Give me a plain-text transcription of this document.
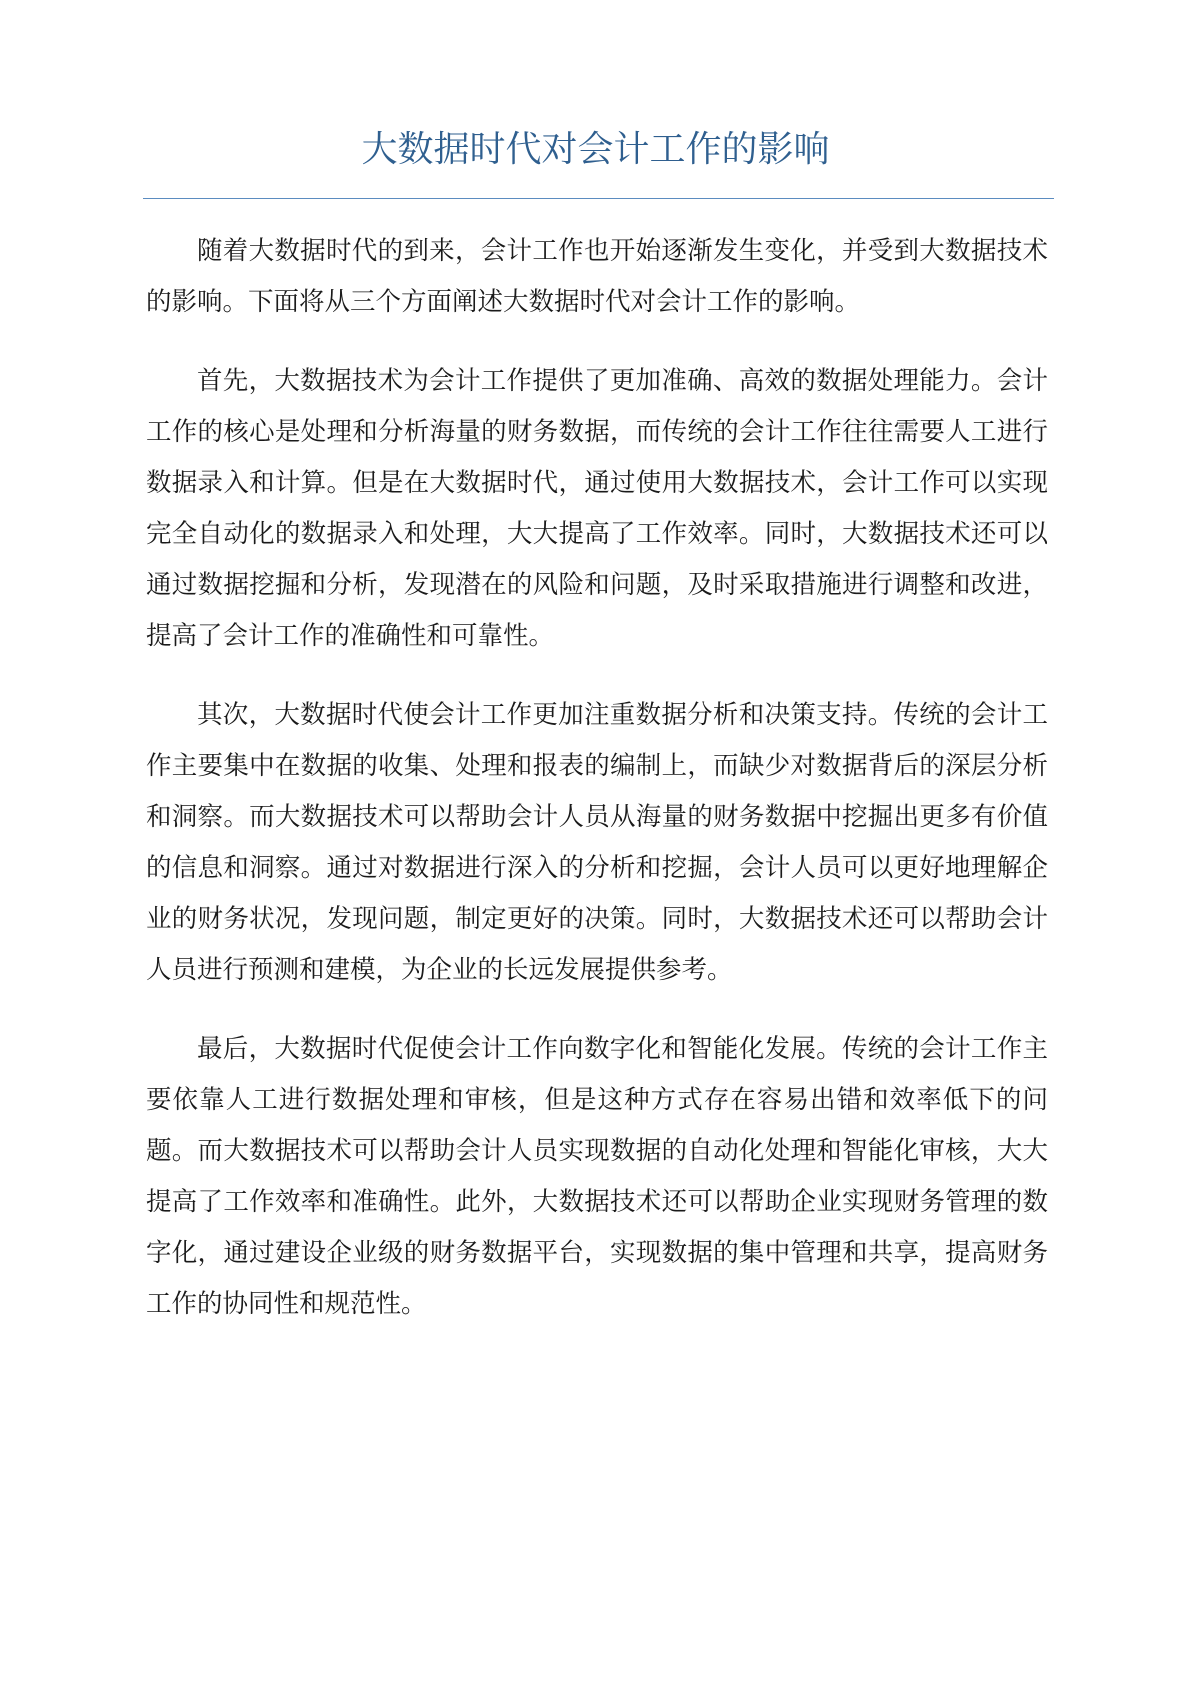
大数据时代对会计工作的影响

随着大数据时代的到来，会计工作也开始逐渐发生变化，并受到大数据技术的影响。下面将从三个方面阐述大数据时代对会计工作的影响。

首先，大数据技术为会计工作提供了更加准确、高效的数据处理能力。会计工作的核心是处理和分析海量的财务数据，而传统的会计工作往往需要人工进行数据录入和计算。但是在大数据时代，通过使用大数据技术，会计工作可以实现完全自动化的数据录入和处理，大大提高了工作效率。同时，大数据技术还可以通过数据挖掘和分析，发现潜在的风险和问题，及时采取措施进行调整和改进，提高了会计工作的准确性和可靠性。

其次，大数据时代使会计工作更加注重数据分析和决策支持。传统的会计工作主要集中在数据的收集、处理和报表的编制上，而缺少对数据背后的深层分析和洞察。而大数据技术可以帮助会计人员从海量的财务数据中挖掘出更多有价值的信息和洞察。通过对数据进行深入的分析和挖掘，会计人员可以更好地理解企业的财务状况，发现问题，制定更好的决策。同时，大数据技术还可以帮助会计人员进行预测和建模，为企业的长远发展提供参考。

最后，大数据时代促使会计工作向数字化和智能化发展。传统的会计工作主要依靠人工进行数据处理和审核，但是这种方式存在容易出错和效率低下的问题。而大数据技术可以帮助会计人员实现数据的自动化处理和智能化审核，大大提高了工作效率和准确性。此外，大数据技术还可以帮助企业实现财务管理的数字化，通过建设企业级的财务数据平台，实现数据的集中管理和共享，提高财务工作的协同性和规范性。
